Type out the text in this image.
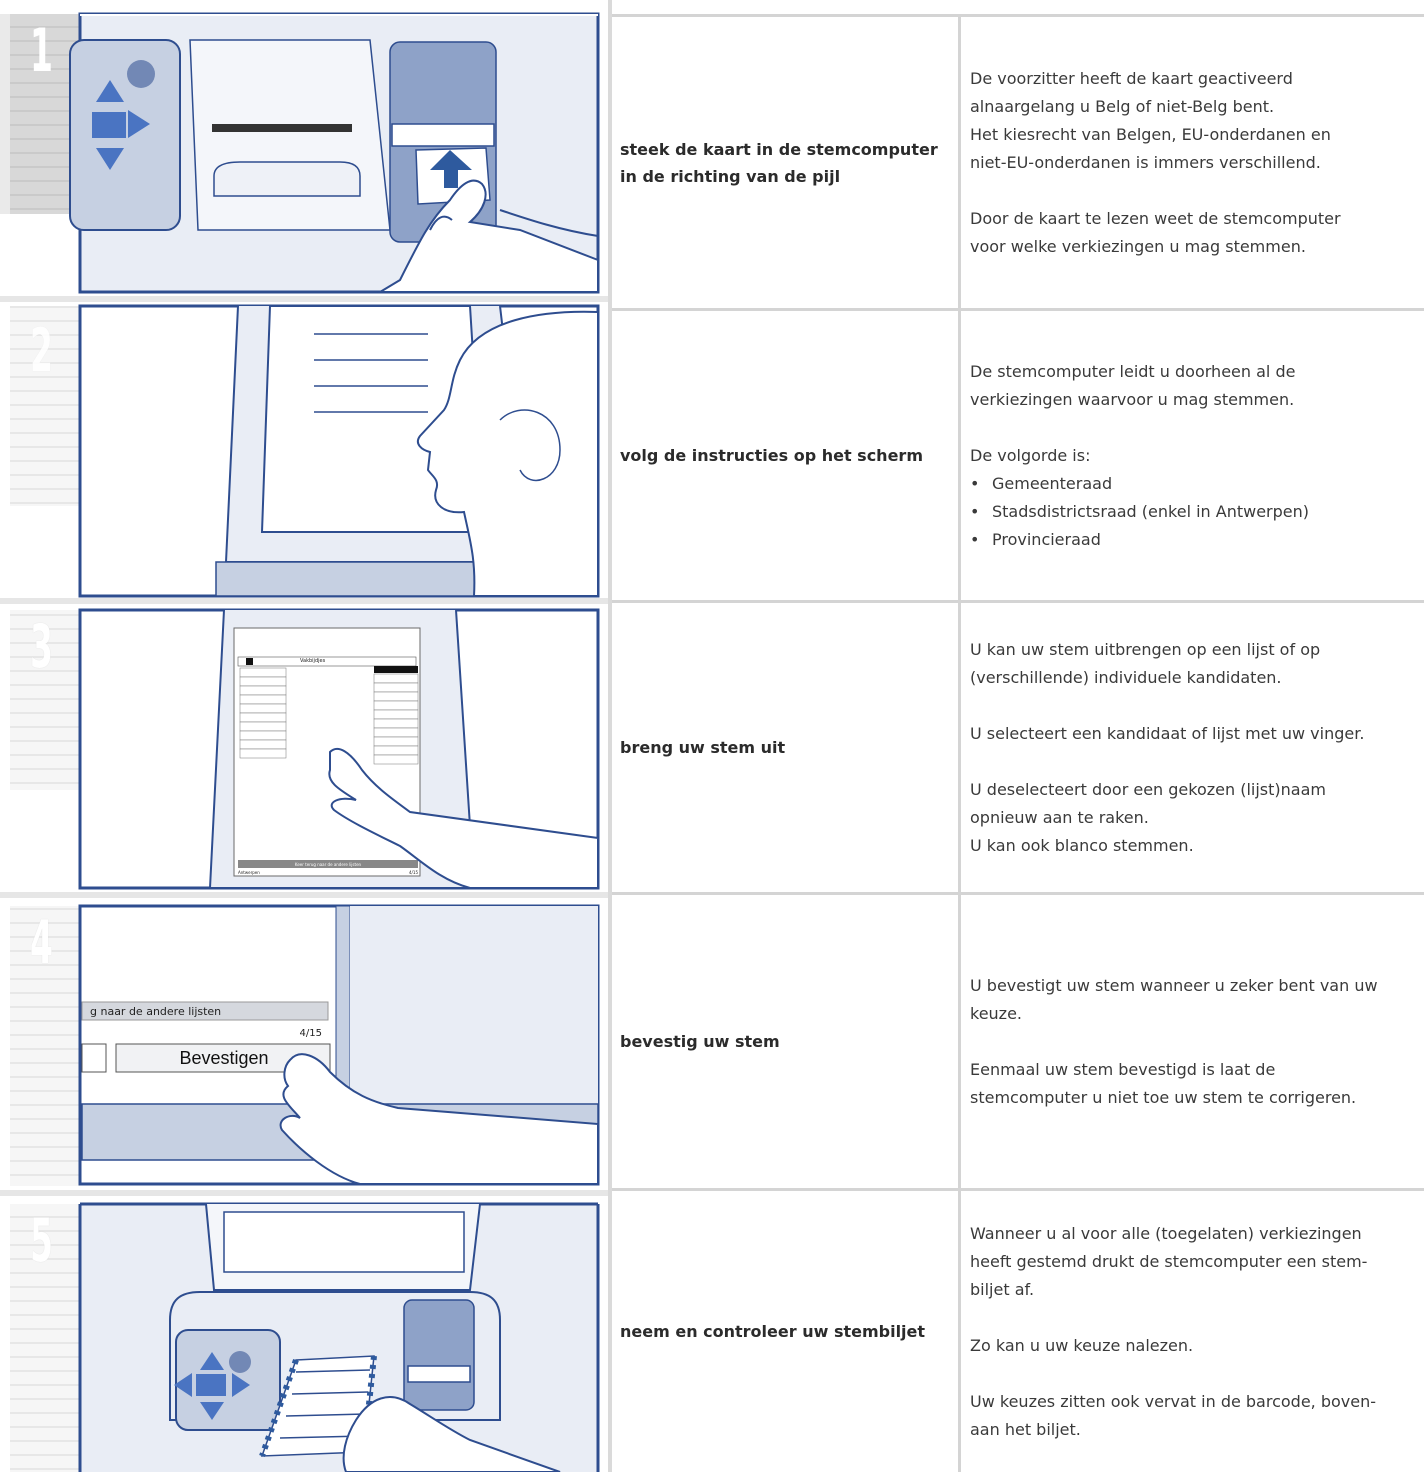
Vakbijdjes
Keer terug naar de andere lijsten
Antwerpen	4/15
g naar de andere lijsten
4/15
Bevestigen
1
2
3
4
5
steek de kaart in de stemcomputer in de richting van de pijl

De voorzitter heeft de kaart geactiveerd

alnaargelang u Belg of niet-Belg bent.

Het kiesrecht van Belgen, EU-onderdanen en

niet-EU-onderdanen is immers verschillend.

Door de kaart te lezen weet de stemcomputer

voor welke verkiezingen u mag stemmen.

volg de instructies op het scherm

De stemcomputer leidt u doorheen al de

verkiezingen waarvoor u mag stemmen.

De volgorde is:

• Gemeenteraad
• Stadsdistrictsraad (enkel in Antwerpen)
• Provincieraad
breng uw stem uit

U kan uw stem uitbrengen op een lijst of op

(verschillende) individuele kandidaten.

U selecteert een kandidaat of lijst met uw vinger.

U deselecteert door een gekozen (lijst)naam

opnieuw aan te raken.

U kan ook blanco stemmen.

bevestig uw stem

U bevestigt uw stem wanneer u zeker bent van uw

keuze.

Eenmaal uw stem bevestigd is laat de

stemcomputer u niet toe uw stem te corrigeren.

neem en controleer uw stembiljet

Wanneer u al voor alle (toegelaten) verkiezingen

heeft gestemd drukt de stemcomputer een stem-

biljet af.

Zo kan u uw keuze nalezen.

Uw keuzes zitten ook vervat in de barcode, boven-

aan het biljet.
